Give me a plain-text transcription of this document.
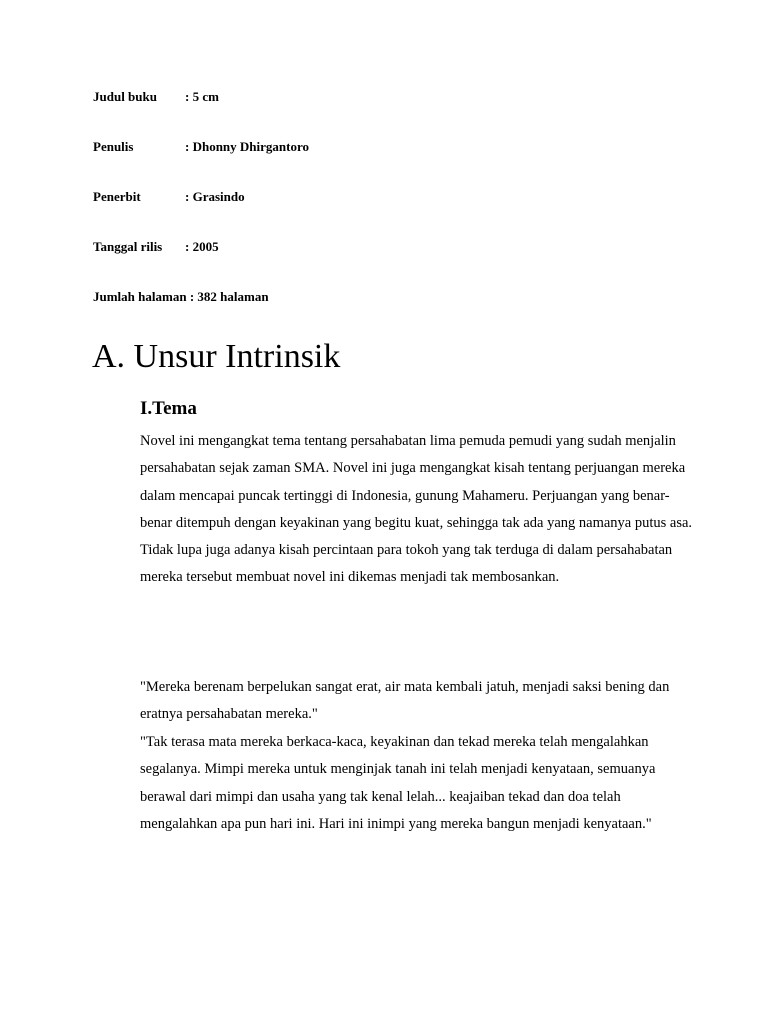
Judul buku : 5 cm
Penulis	: Dhonny Dhirgantoro
Penerbit	: Grasindo
Tanggal rilis : 2005
Jumlah halaman : 382 halaman
A. Unsur Intrinsik
I.Tema

Novel ini mengangkat tema tentang persahabatan lima pemuda pemudi yang sudah menjalin persahabatan sejak zaman SMA. Novel ini juga mengangkat kisah tentang perjuangan mereka dalam mencapai puncak tertinggi di Indonesia, gunung Mahameru. Perjuangan yang benar-benar ditempuh dengan keyakinan yang begitu kuat, sehingga tak ada yang namanya putus asa. Tidak lupa juga adanya kisah percintaan para tokoh yang tak terduga di dalam persahabatan mereka tersebut membuat novel ini dikemas menjadi tak membosankan.

"Mereka berenam berpelukan sangat erat, air mata kembali jatuh, menjadi saksi bening dan eratnya persahabatan mereka."

"Tak terasa mata mereka berkaca-kaca, keyakinan dan tekad mereka telah mengalahkan segalanya. Mimpi mereka untuk menginjak tanah ini telah menjadi kenyataan, semuanya berawal dari mimpi dan usaha yang tak kenal lelah... keajaiban tekad dan doa telah mengalahkan apa pun hari ini. Hari ini inimpi yang mereka bangun menjadi kenyataan."
